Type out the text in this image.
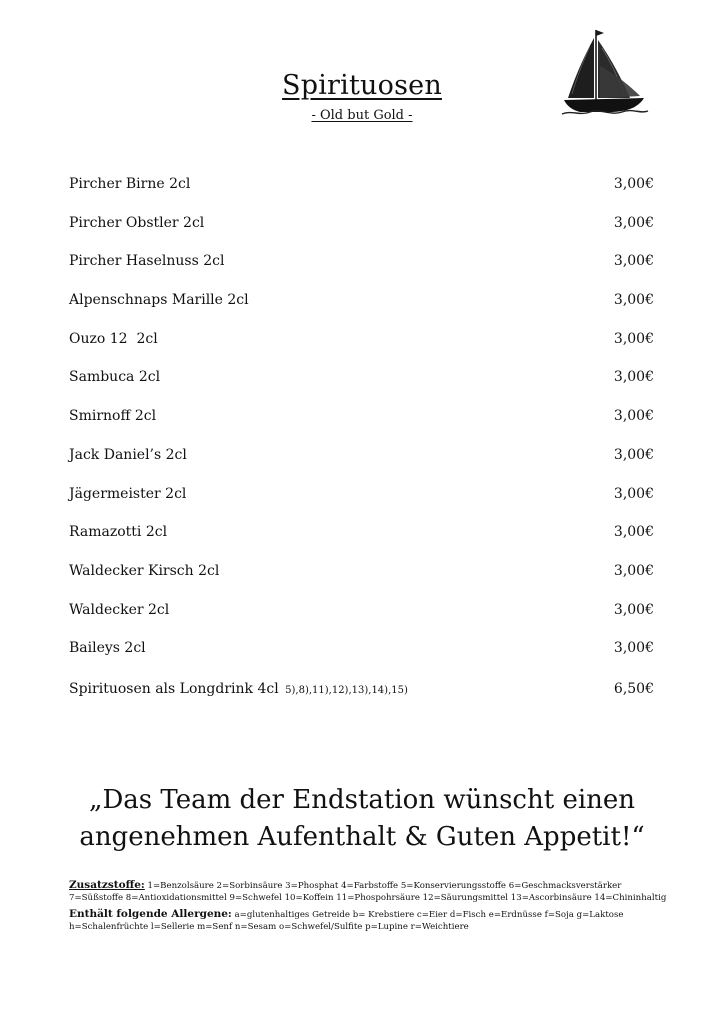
Spirituosen
- Old but Gold -
Pircher Birne 2cl	3,00€
Pircher Obstler 2cl	3,00€
Pircher Haselnuss 2cl	3,00€
Alpenschnaps Marille 2cl	3,00€
Ouzo 12  2cl	3,00€
Sambuca 2cl	3,00€
Smirnoff 2cl	3,00€
Jack Daniel’s 2cl	3,00€
Jägermeister 2cl	3,00€
Ramazotti 2cl	3,00€
Waldecker Kirsch 2cl	3,00€
Waldecker 2cl	3,00€
Baileys 2cl	3,00€
Spirituosen als Longdrink 4cl 5),8),11),12),13),14),15)	6,50€
„Das Team der Endstation wünscht einen
angenehmen Aufenthalt & Guten Appetit!“

Zusatzstoffe: 1=Benzolsäure 2=Sorbinsäure 3=Phosphat 4=Farbstoffe 5=Konservierungsstoffe 6=Geschmacksverstärker 7=Süßstoffe 8=Antioxidationsmittel 9=Schwefel 10=Koffein 11=Phospohrsäure 12=Säurungsmittel 13=Ascorbinsäure 14=Chininhaltig

Enthält folgende Allergene: a=glutenhaltiges Getreide b= Krebstiere c=Eier d=Fisch e=Erdnüsse f=Soja g=Laktose h=Schalenfrüchte l=Sellerie m=Senf n=Sesam o=Schwefel/Sulfite p=Lupine r=Weichtiere
